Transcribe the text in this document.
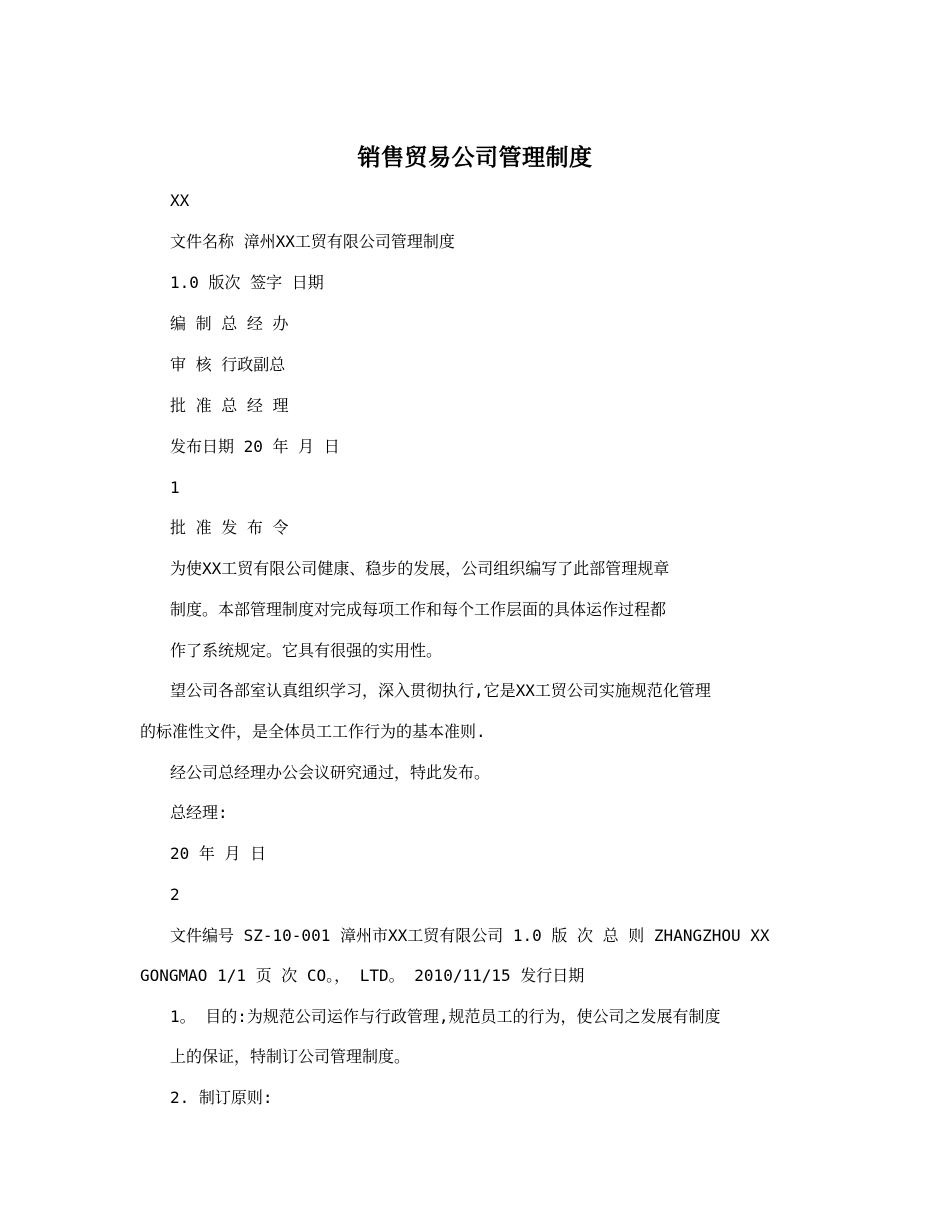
销售贸易公司管理制度
XX
文件名称 漳州XX工贸有限公司管理制度
1.0 版次 签字 日期
编 制 总 经 办
审 核 行政副总
批 准 总 经 理
发布日期 20 年 月 日
1
批 准 发 布 令
为使XX工贸有限公司健康、稳步的发展，公司组织编写了此部管理规章
制度。本部管理制度对完成每项工作和每个工作层面的具体运作过程都
作了系统规定。它具有很强的实用性。
望公司各部室认真组织学习，深入贯彻执行,它是XX工贸公司实施规范化管理
的标准性文件，是全体员工工作行为的基本准则.
经公司总经理办公会议研究通过，特此发布。
总经理:
20 年 月 日
2
文件编号 SZ-10-001 漳州市XX工贸有限公司 1.0 版 次 总 则 ZHANGZHOU XX
GONGMAO 1/1 页 次 CO。， LTD。 2010/11/15 发行日期
1。 目的:为规范公司运作与行政管理,规范员工的行为，使公司之发展有制度
上的保证，特制订公司管理制度。
2. 制订原则:
